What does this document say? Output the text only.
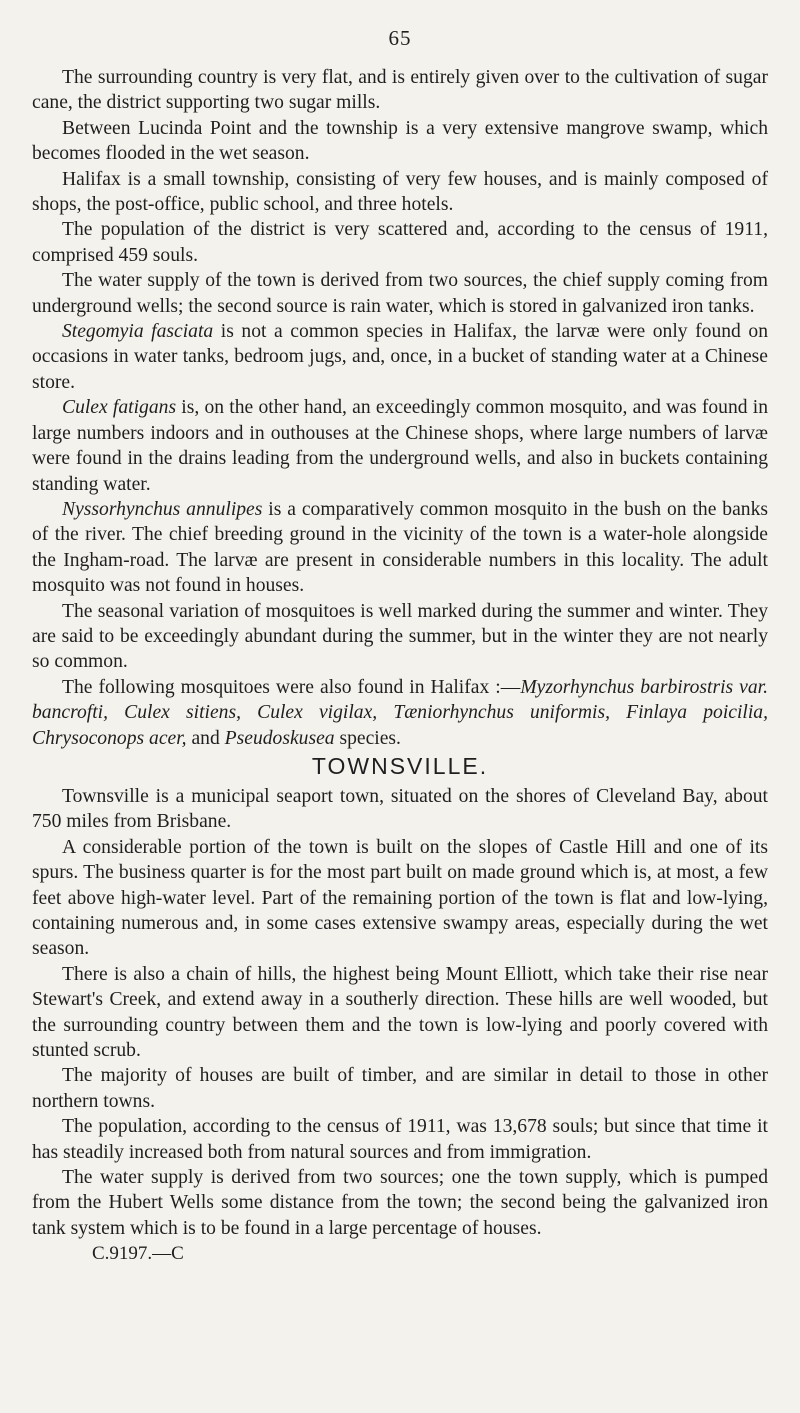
65

The surrounding country is very flat, and is entirely given over to the cultivation of sugar cane, the district supporting two sugar mills.

Between Lucinda Point and the township is a very extensive mangrove swamp, which becomes flooded in the wet season.

Halifax is a small township, consisting of very few houses, and is mainly composed of shops, the post-office, public school, and three hotels.

The population of the district is very scattered and, according to the census of 1911, comprised 459 souls.

The water supply of the town is derived from two sources, the chief supply coming from underground wells; the second source is rain water, which is stored in galvanized iron tanks.

Stegomyia fasciata is not a common species in Halifax, the larvæ were only found on occasions in water tanks, bedroom jugs, and, once, in a bucket of standing water at a Chinese store.

Culex fatigans is, on the other hand, an exceedingly common mosquito, and was found in large numbers indoors and in outhouses at the Chinese shops, where large numbers of larvæ were found in the drains leading from the underground wells, and also in buckets containing standing water.

Nyssorhynchus annulipes is a comparatively common mosquito in the bush on the banks of the river. The chief breeding ground in the vicinity of the town is a water-hole alongside the Ingham-road. The larvæ are present in considerable numbers in this locality. The adult mosquito was not found in houses.

The seasonal variation of mosquitoes is well marked during the summer and winter. They are said to be exceedingly abundant during the summer, but in the winter they are not nearly so common.

The following mosquitoes were also found in Halifax :—Myzorhynchus barbirostris var. bancrofti, Culex sitiens, Culex vigilax, Tæniorhynchus uniformis, Finlaya poicilia, Chrysoconops acer, and Pseudoskusea species.

TOWNSVILLE.

Townsville is a municipal seaport town, situated on the shores of Cleveland Bay, about 750 miles from Brisbane.

A considerable portion of the town is built on the slopes of Castle Hill and one of its spurs. The business quarter is for the most part built on made ground which is, at most, a few feet above high-water level. Part of the remaining portion of the town is flat and low-lying, containing numerous and, in some cases extensive swampy areas, especially during the wet season.

There is also a chain of hills, the highest being Mount Elliott, which take their rise near Stewart's Creek, and extend away in a southerly direction. These hills are well wooded, but the surrounding country between them and the town is low-lying and poorly covered with stunted scrub.

The majority of houses are built of timber, and are similar in detail to those in other northern towns.

The population, according to the census of 1911, was 13,678 souls; but since that time it has steadily increased both from natural sources and from immigration.

The water supply is derived from two sources; one the town supply, which is pumped from the Hubert Wells some distance from the town; the second being the galvanized iron tank system which is to be found in a large percentage of houses.

C.9197.—C
